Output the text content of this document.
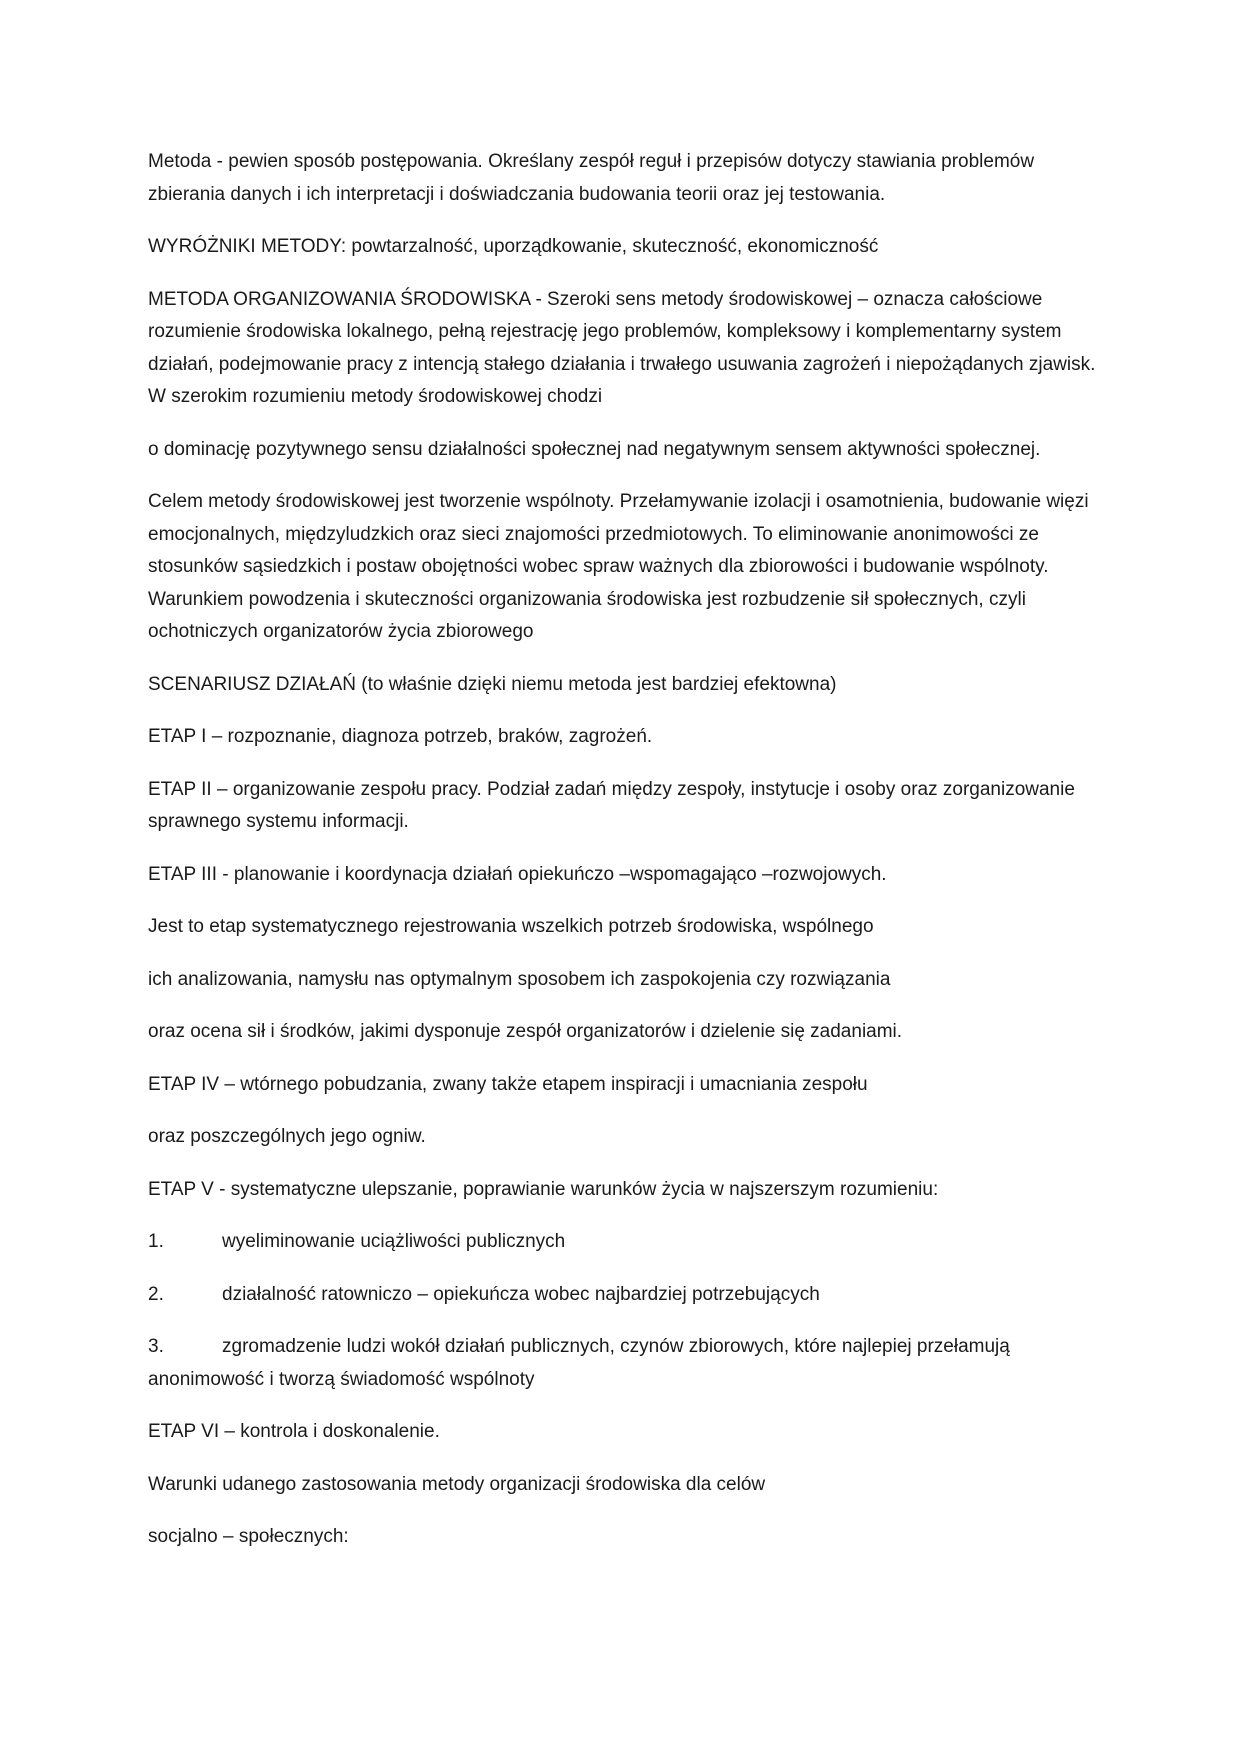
Metoda - pewien sposób postępowania. Określany zespół reguł i przepisów dotyczy stawiania problemów zbierania danych i ich interpretacji i doświadczania budowania teorii oraz jej testowania.

WYRÓŻNIKI METODY: powtarzalność, uporządkowanie, skuteczność, ekonomiczność

METODA ORGANIZOWANIA ŚRODOWISKA - Szeroki sens metody środowiskowej – oznacza całościowe rozumienie środowiska lokalnego, pełną rejestrację jego problemów, kompleksowy i komplementarny system działań, podejmowanie pracy z intencją stałego działania i trwałego usuwania zagrożeń i niepożądanych zjawisk. W szerokim rozumieniu metody środowiskowej chodzi

o dominację pozytywnego sensu działalności społecznej nad negatywnym sensem aktywności społecznej.

Celem metody środowiskowej jest tworzenie wspólnoty. Przełamywanie izolacji i osamotnienia, budowanie więzi emocjonalnych, międzyludzkich oraz sieci znajomości przedmiotowych. To eliminowanie anonimowości ze stosunków sąsiedzkich i postaw obojętności wobec spraw ważnych dla zbiorowości i budowanie wspólnoty. Warunkiem powodzenia i skuteczności organizowania środowiska jest rozbudzenie sił społecznych, czyli ochotniczych organizatorów życia zbiorowego

SCENARIUSZ DZIAŁAŃ (to właśnie dzięki niemu metoda jest bardziej efektowna)

ETAP I – rozpoznanie, diagnoza potrzeb, braków, zagrożeń.

ETAP II – organizowanie zespołu pracy. Podział zadań między zespoły, instytucje i osoby oraz zorganizowanie sprawnego systemu informacji.

ETAP III - planowanie i koordynacja działań opiekuńczo –wspomagająco –rozwojowych.

Jest to etap systematycznego rejestrowania wszelkich potrzeb środowiska, wspólnego

ich analizowania, namysłu nas optymalnym sposobem ich zaspokojenia czy rozwiązania

oraz ocena sił i środków, jakimi dysponuje zespół organizatorów i dzielenie się zadaniami.

ETAP IV – wtórnego pobudzania, zwany także etapem inspiracji i umacniania zespołu

oraz poszczególnych jego ogniw.

ETAP V - systematyczne ulepszanie, poprawianie warunków życia w najszerszym rozumieniu:

1.	wyeliminowanie uciążliwości publicznych

2.	działalność ratowniczo – opiekuńcza wobec najbardziej potrzebujących

3.	zgromadzenie ludzi wokół działań publicznych, czynów zbiorowych, które najlepiej przełamują anonimowość i tworzą świadomość wspólnoty

ETAP VI – kontrola i doskonalenie.

Warunki udanego zastosowania metody organizacji środowiska dla celów

socjalno – społecznych:
